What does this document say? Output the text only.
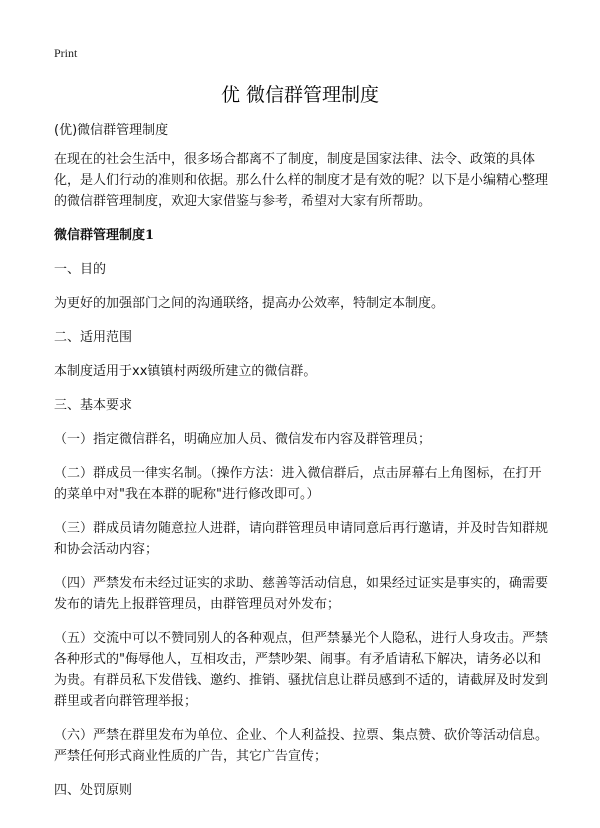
Print
优 微信群管理制度

(优)微信群管理制度

在现在的社会生活中，很多场合都离不了制度，制度是国家法律、法令、政策的具体化，是人们行动的准则和依据。那么什么样的制度才是有效的呢？以下是小编精心整理的微信群管理制度，欢迎大家借鉴与参考，希望对大家有所帮助。

微信群管理制度1

一、目的

为更好的加强部门之间的沟通联络，提高办公效率，特制定本制度。

二、适用范围

本制度适用于xx镇镇村两级所建立的微信群。

三、基本要求

（一）指定微信群名，明确应加人员、微信发布内容及群管理员；

（二）群成员一律实名制。（操作方法：进入微信群后，点击屏幕右上角图标，在打开的菜单中对"我在本群的昵称"进行修改即可。）

（三）群成员请勿随意拉人进群，请向群管理员申请同意后再行邀请，并及时告知群规和协会活动内容；

（四）严禁发布未经过证实的求助、慈善等活动信息，如果经过证实是事实的，确需要发布的请先上报群管理员，由群管理员对外发布；

（五）交流中可以不赞同别人的各种观点，但严禁暴光个人隐私，进行人身攻击。严禁各种形式的"侮辱他人，互相攻击，严禁吵架、闹事。有矛盾请私下解决，请务必以和为贵。有群员私下发借钱、邀约、推销、骚扰信息让群员感到不适的，请截屏及时发到群里或者向群管理举报；

（六）严禁在群里发布为单位、企业、个人利益投、拉票、集点赞、砍价等活动信息。严禁任何形式商业性质的广告，其它广告宣传；

四、处罚原则
